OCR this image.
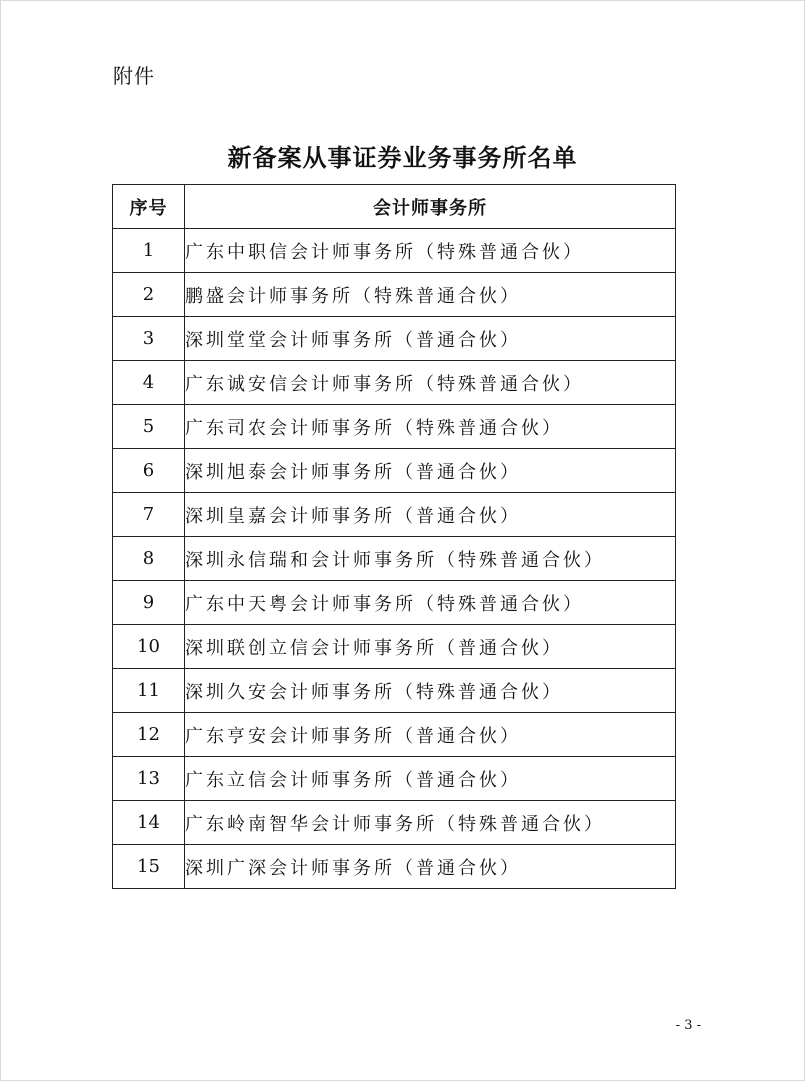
附件
新备案从事证券业务事务所名单
序号	会计师事务所
1	广东中职信会计师事务所（特殊普通合伙）
2	鹏盛会计师事务所（特殊普通合伙）
3	深圳堂堂会计师事务所（普通合伙）
4	广东诚安信会计师事务所（特殊普通合伙）
5	广东司农会计师事务所（特殊普通合伙）
6	深圳旭泰会计师事务所（普通合伙）
7	深圳皇嘉会计师事务所（普通合伙）
8	深圳永信瑞和会计师事务所（特殊普通合伙）
9	广东中天粤会计师事务所（特殊普通合伙）
10	深圳联创立信会计师事务所（普通合伙）
11	深圳久安会计师事务所（特殊普通合伙）
12	广东亨安会计师事务所（普通合伙）
13	广东立信会计师事务所（普通合伙）
14	广东岭南智华会计师事务所（特殊普通合伙）
15	深圳广深会计师事务所（普通合伙）
- 3 -
